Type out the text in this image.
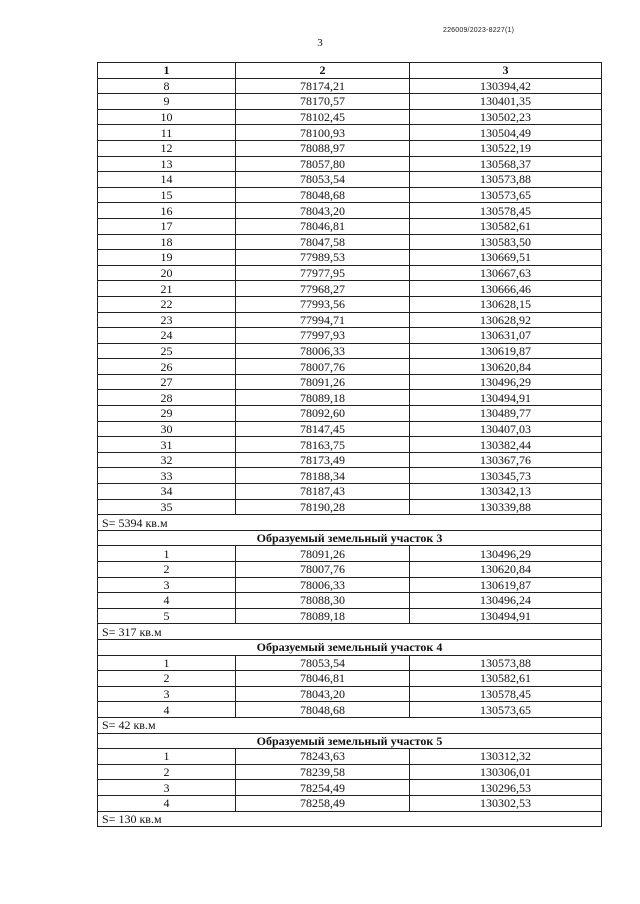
226009/2023-8227(1)
3
1	2	3
8	78174,21	130394,42
9	78170,57	130401,35
10	78102,45	130502,23
11	78100,93	130504,49
12	78088,97	130522,19
13	78057,80	130568,37
14	78053,54	130573,88
15	78048,68	130573,65
16	78043,20	130578,45
17	78046,81	130582,61
18	78047,58	130583,50
19	77989,53	130669,51
20	77977,95	130667,63
21	77968,27	130666,46
22	77993,56	130628,15
23	77994,71	130628,92
24	77997,93	130631,07
25	78006,33	130619,87
26	78007,76	130620,84
27	78091,26	130496,29
28	78089,18	130494,91
29	78092,60	130489,77
30	78147,45	130407,03
31	78163,75	130382,44
32	78173,49	130367,76
33	78188,34	130345,73
34	78187,43	130342,13
35	78190,28	130339,88
S= 5394 кв.м		
Образуемый земельный участок 3		
1	78091,26	130496,29
2	78007,76	130620,84
3	78006,33	130619,87
4	78088,30	130496,24
5	78089,18	130494,91
S= 317 кв.м		
Образуемый земельный участок 4		
1	78053,54	130573,88
2	78046,81	130582,61
3	78043,20	130578,45
4	78048,68	130573,65
S= 42 кв.м		
Образуемый земельный участок 5		
1	78243,63	130312,32
2	78239,58	130306,01
3	78254,49	130296,53
4	78258,49	130302,53
S= 130 кв.м		
